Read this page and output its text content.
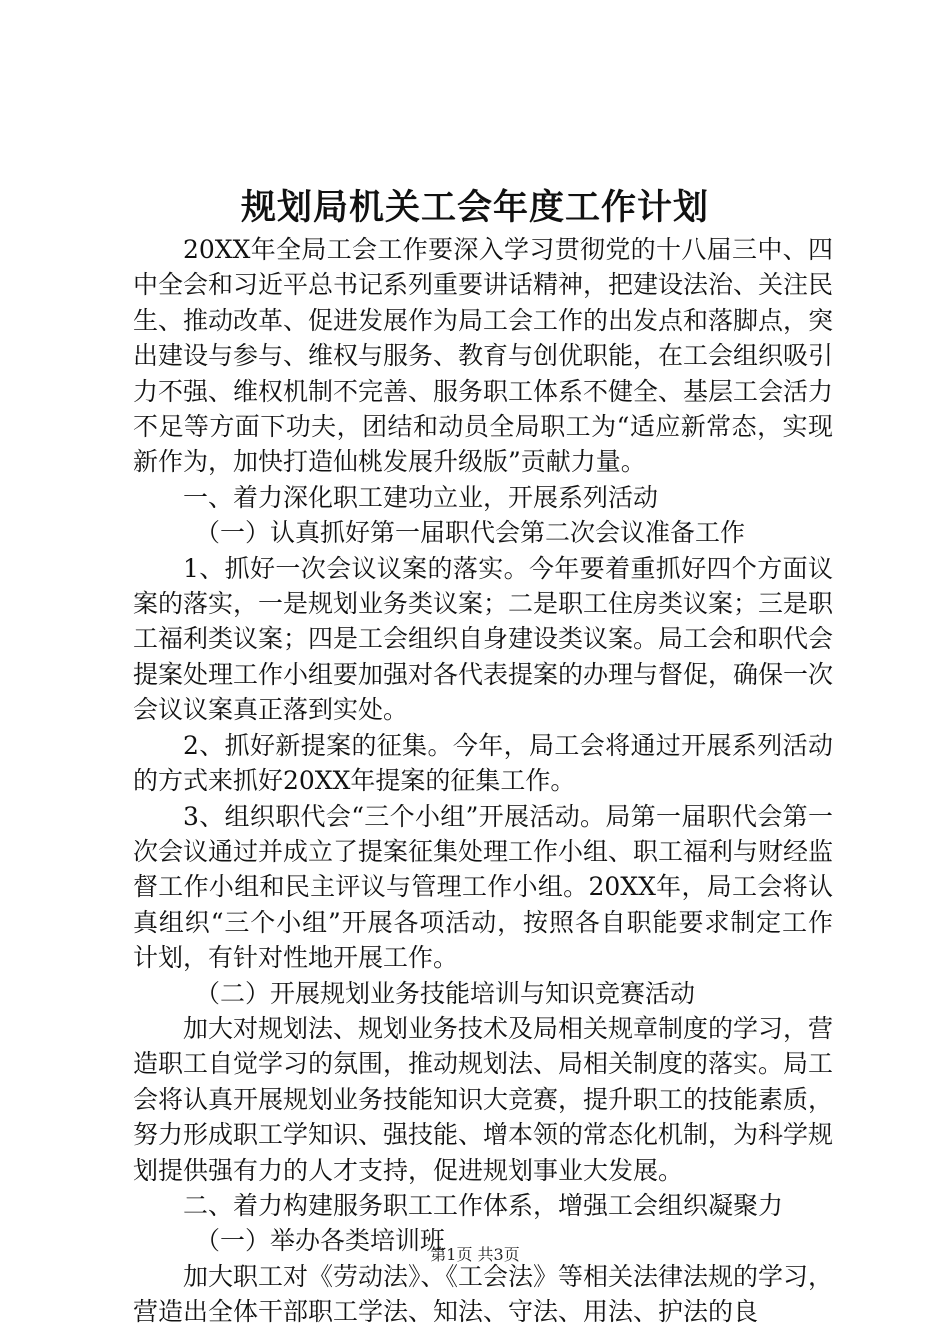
规划局机关工会年度工作计划

20XX年全局工会工作要深入学习贯彻党的十八届三中、四中全会和习近平总书记系列重要讲话精神，把建设法治、关注民生、推动改革、促进发展作为局工会工作的出发点和落脚点，突出建设与参与、维权与服务、教育与创优职能，在工会组织吸引力不强、维权机制不完善、服务职工体系不健全、基层工会活力不足等方面下功夫，团结和动员全局职工为“适应新常态，实现新作为，加快打造仙桃发展升级版”贡献力量。

一、着力深化职工建功立业，开展系列活动

（一）认真抓好第一届职代会第二次会议准备工作

1、抓好一次会议议案的落实。今年要着重抓好四个方面议案的落实，一是规划业务类议案；二是职工住房类议案；三是职工福利类议案；四是工会组织自身建设类议案。局工会和职代会提案处理工作小组要加强对各代表提案的办理与督促，确保一次会议议案真正落到实处。

2、抓好新提案的征集。今年，局工会将通过开展系列活动的方式来抓好20XX年提案的征集工作。

3、组织职代会“三个小组”开展活动。局第一届职代会第一次会议通过并成立了提案征集处理工作小组、职工福利与财经监督工作小组和民主评议与管理工作小组。20XX年，局工会将认真组织“三个小组”开展各项活动，按照各自职能要求制定工作计划，有针对性地开展工作。

（二）开展规划业务技能培训与知识竞赛活动

加大对规划法、规划业务技术及局相关规章制度的学习，营造职工自觉学习的氛围，推动规划法、局相关制度的落实。局工会将认真开展规划业务技能知识大竞赛，提升职工的技能素质，努力形成职工学知识、强技能、增本领的常态化机制，为科学规划提供强有力的人才支持，促进规划事业大发展。

二、着力构建服务职工工作体系，增强工会组织凝聚力

（一）举办各类培训班

加大职工对《劳动法》、《工会法》等相关法律法规的学习，营造出全体干部职工学法、知法、守法、用法、护法的良

第1页 共3页
